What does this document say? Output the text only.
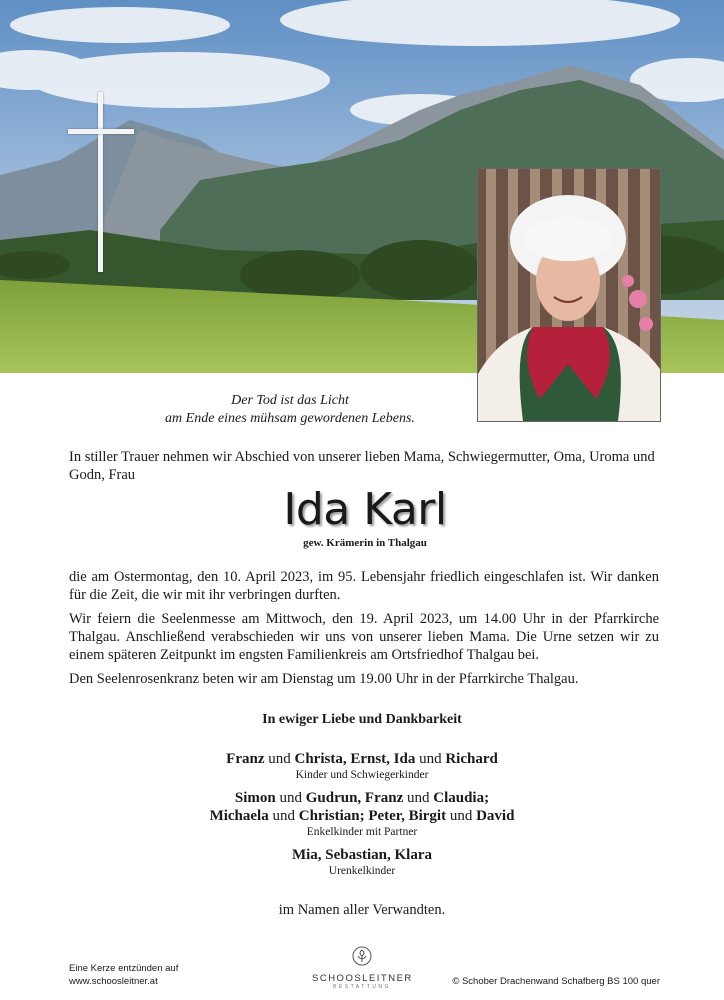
Der Tod ist das Licht
am Ende eines mühsam gewordenen Lebens.
In stiller Trauer nehmen wir Abschied von unserer lieben Mama, Schwiegermutter, Oma, Uroma und Godn, Frau
Ida Karl
gew. Krämerin in Thalgau
die am Ostermontag, den 10. April 2023, im 95. Lebensjahr friedlich eingeschlafen ist. Wir danken für die Zeit, die wir mit ihr verbringen durften.
Wir feiern die Seelenmesse am Mittwoch, den 19. April 2023, um 14.00 Uhr in der Pfarrkirche Thalgau. Anschließend verabschieden wir uns von unserer lieben Mama. Die Urne setzen wir zu einem späteren Zeitpunkt im engsten Familienkreis am Ortsfriedhof Thalgau bei.
Den Seelenrosenkranz beten wir am Dienstag um 19.00 Uhr in der Pfarrkirche Thalgau.
In ewiger Liebe und Dankbarkeit
Franz und Christa, Ernst, Ida und Richard
Kinder und Schwiegerkinder
Simon und Gudrun, Franz und Claudia;
Michaela und Christian; Peter, Birgit und David
Enkelkinder mit Partner
Mia, Sebastian, Klara
Urenkelkinder
im Namen aller Verwandten.
Eine Kerze entzünden auf
www.schoosleitner.at	SCHOOSLEITNER
BESTATTUNG	© Schober Drachenwand Schafberg BS 100 quer
